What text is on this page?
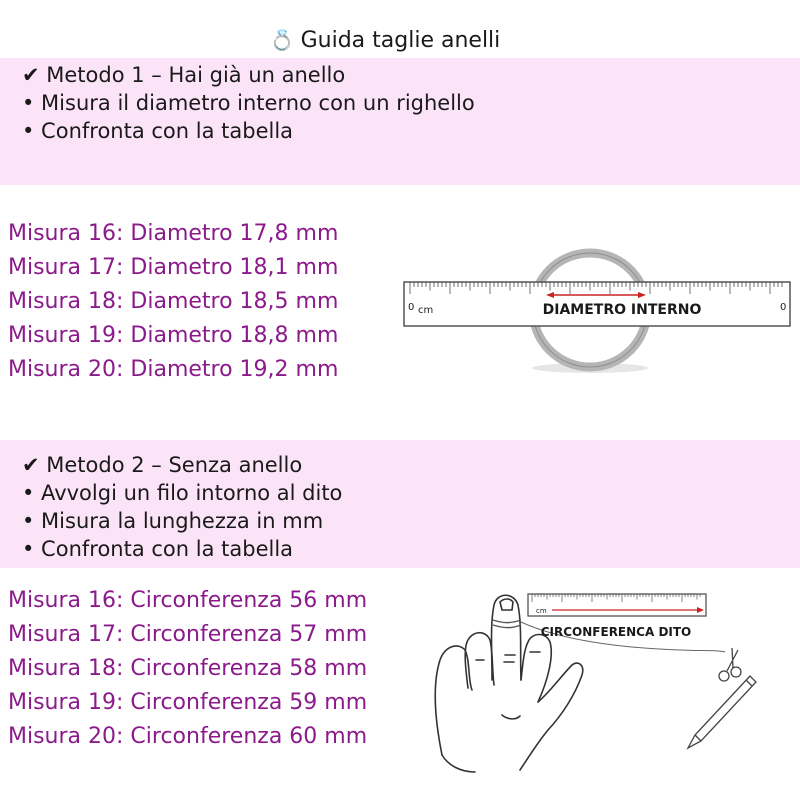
💍 Guida taglie anelli
✔ Metodo 1 – Hai già un anello
• Misura il diametro interno con un righello
• Confronta con la tabella
Misura 16: Diametro 17,8 mm
Misura 17: Diametro 18,1 mm
Misura 18: Diametro 18,5 mm
Misura 19: Diametro 18,8 mm
Misura 20: Diametro 19,2 mm
0 cm	0
DIAMETRO INTERNO
✔ Metodo 2 – Senza anello
• Avvolgi un filo intorno al dito
• Misura la lunghezza in mm
• Confronta con la tabella
Misura 16: Circonferenza 56 mm
Misura 17: Circonferenza 57 mm
Misura 18: Circonferenza 58 mm
Misura 19: Circonferenza 59 mm
Misura 20: Circonferenza 60 mm
cm
CIRCONFERENCA DITO
